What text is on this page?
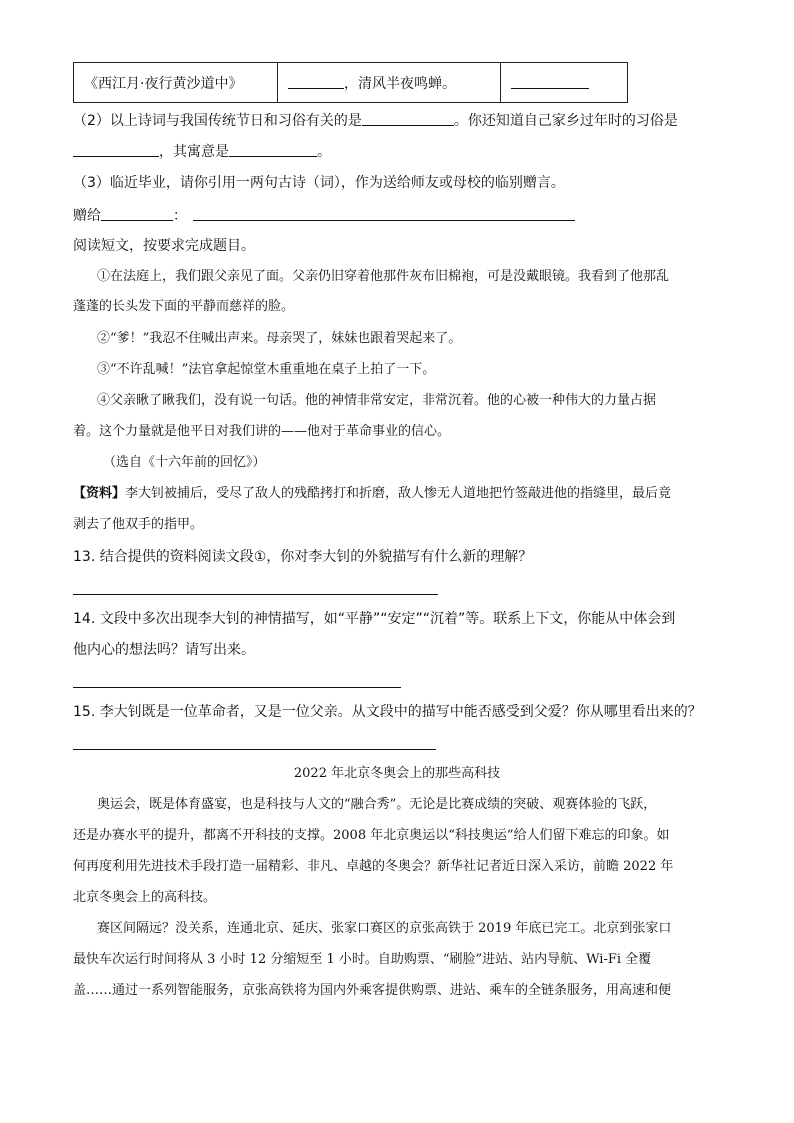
《西江月·夜行黄沙道中》	，清风半夜鸣蝉。	
（2）以上诗词与我国传统节日和习俗有关的是	。你还知道自己家乡过年时的习俗是
，其寓意是	。
（3）临近毕业，请你引用一两句古诗（词），作为送给师友或母校的临别赠言。
赠给	：
阅读短文，按要求完成题目。
①在法庭上，我们跟父亲见了面。父亲仍旧穿着他那件灰布旧棉袍，可是没戴眼镜。我看到了他那乱
蓬蓬的长头发下面的平静而慈祥的脸。
②“爹！”我忍不住喊出声来。母亲哭了，妹妹也跟着哭起来了。
③“不许乱喊！”法官拿起惊堂木重重地在桌子上拍了一下。
④父亲瞅了瞅我们，没有说一句话。他的神情非常安定，非常沉着。他的心被一种伟大的力量占据
着。这个力量就是他平日对我们讲的——他对于革命事业的信心。
（选自《十六年前的回忆》）
【资料】李大钊被捕后，受尽了敌人的残酷拷打和折磨，敌人惨无人道地把竹签敲进他的指缝里，最后竟
剥去了他双手的指甲。
13. 结合提供的资料阅读文段①，你对李大钊的外貌描写有什么新的理解？
14. 文段中多次出现李大钊的神情描写，如“平静”“安定”“沉着”等。联系上下文，你能从中体会到
他内心的想法吗？请写出来。
15. 李大钊既是一位革命者，又是一位父亲。从文段中的描写中能否感受到父爱？你从哪里看出来的？
2022 年北京冬奥会上的那些高科技
奥运会，既是体育盛宴，也是科技与人文的“融合秀”。无论是比赛成绩的突破、观赛体验的飞跃，
还是办赛水平的提升，都离不开科技的支撑。2008 年北京奥运以“科技奥运”给人们留下难忘的印象。如
何再度利用先进技术手段打造一届精彩、非凡、卓越的冬奥会？新华社记者近日深入采访，前瞻 2022 年
北京冬奥会上的高科技。
赛区间隔远？没关系，连通北京、延庆、张家口赛区的京张高铁于 2019 年底已完工。北京到张家口
最快车次运行时间将从 3 小时 12 分缩短至 1 小时。自助购票、“刷脸”进站、站内导航、Wi-Fi 全覆
盖……通过一系列智能服务，京张高铁将为国内外乘客提供购票、进站、乘车的全链条服务，用高速和便
